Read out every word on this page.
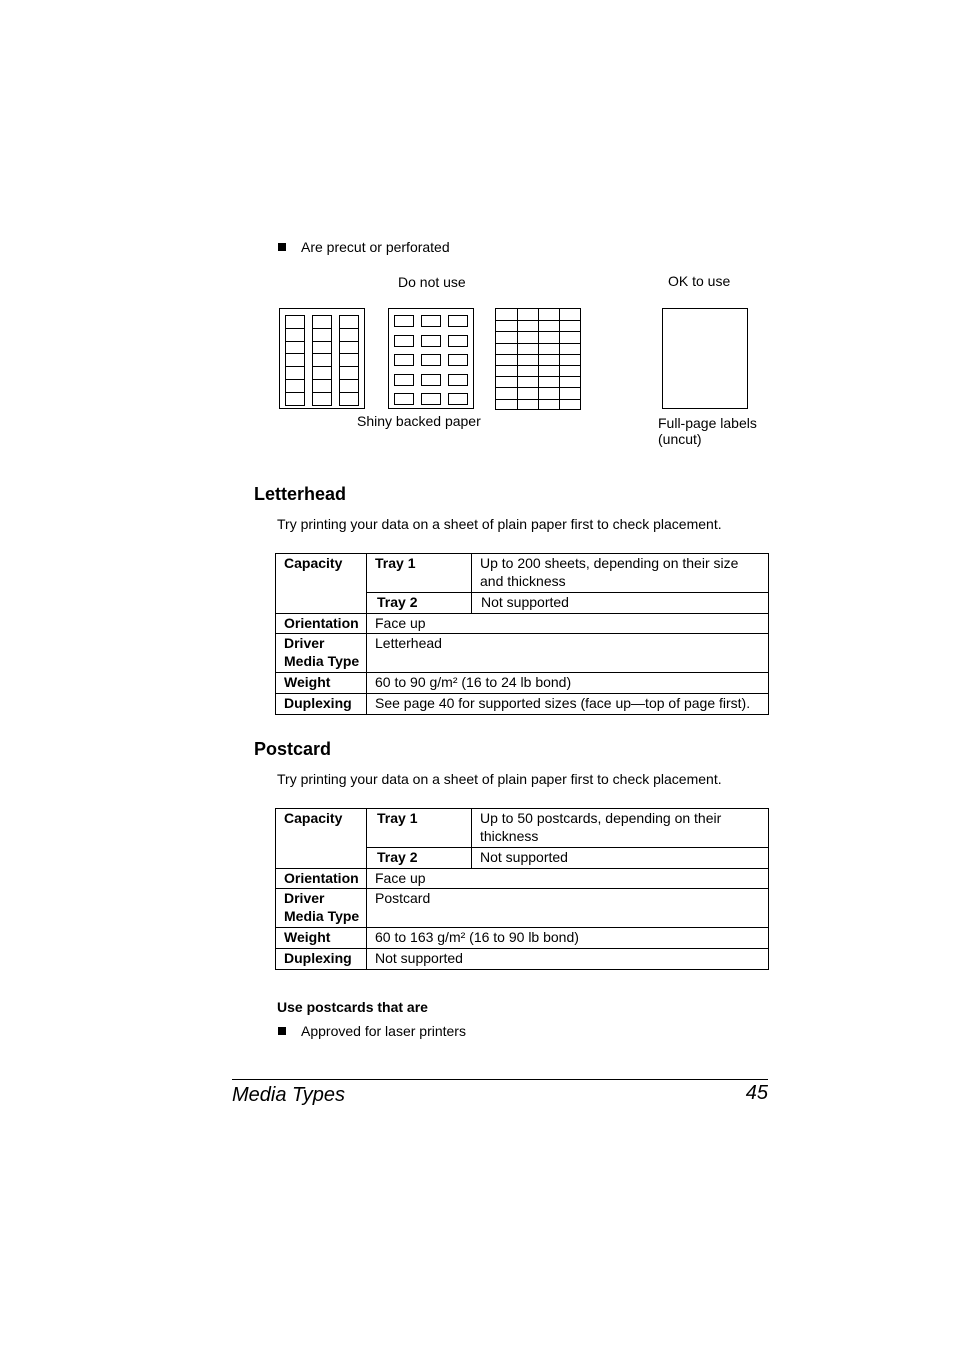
Are precut or perforated
Do not use	OK to use
Shiny backed paper	Full-page labels
(uncut)
Letterhead
Try printing your data on a sheet of plain paper first to check placement.
Capacity	Tray 1	Up to 200 sheets, depending on their size and thickness
	Tray 2	Not supported
Orientation	Face up	
Driver
Media Type	Letterhead	
Weight	60 to 90 g/m² (16 to 24 lb bond)	
Duplexing	See page 40 for supported sizes (face up—top of page first).	
Postcard
Try printing your data on a sheet of plain paper first to check placement.
Capacity	Tray 1	Up to 50 postcards, depending on their thickness
	Tray 2	Not supported
Orientation	Face up	
Driver
Media Type	Postcard	
Weight	60 to 163 g/m² (16 to 90 lb bond)	
Duplexing	Not supported	
Use postcards that are
Approved for laser printers
Media Types	45
